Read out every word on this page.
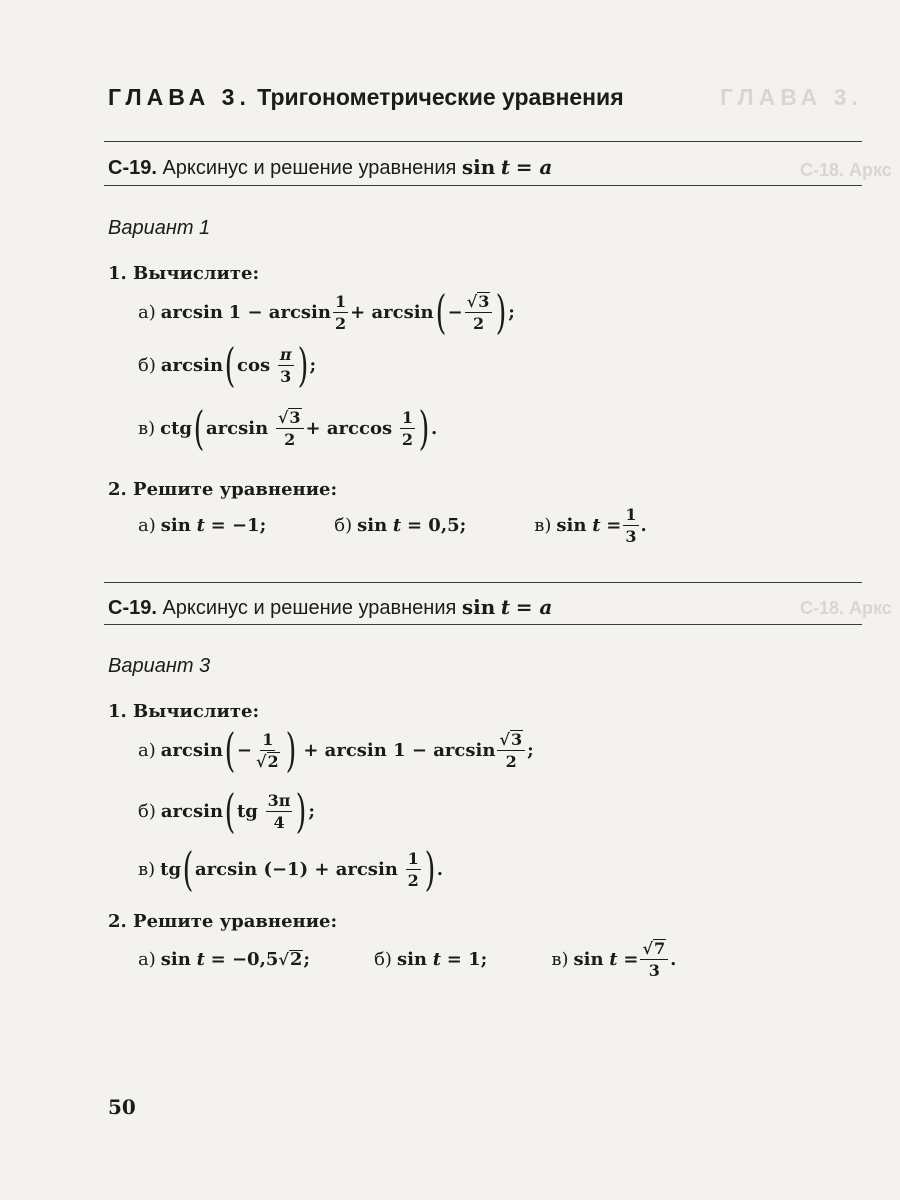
ГЛАВА 3.
С-18. Аркс
С-18. Аркс
ГЛАВА 3. Тригонометрические уравнения
С-19. Арксинус и решение уравнения sin t = a
Вариант 1
1. Вычислите:
а) arcsin
$1 - \arcsin \frac{1}{2} + \arcsin$ ( − $\frac{√ 3}{2}$ ) ;
б) arcsin ( cos
$\frac{\pi}{3}$ ) ;
в) ctg ( arcsin
$\frac{√ 3}{2} + \arccos$
$\frac{1}{2}$ ) .
2. Решите уравнение:
а) sin
t
= −1;	б) sin
t
= 0,5;	в) sin
t
= $\frac{1}{3}$ .
С-19. Арксинус и решение уравнения sin t = a
Вариант 3
1. Вычислите:
а) arcsin ( − $\frac{1}{√ 2}$ )
+ $\arcsin 1 - \arcsin \frac{√ 3}{2}$ ;
б) arcsin ( tg
$\frac{3\pi}{4}$ ) ;
в) tg ( arcsin (−1) + arcsin
$\frac{1}{2}$ ) .
2. Решите уравнение:
а) sin
t
= −0,5 √ 2 ;	б) sin
t
= 1;	в) sin
t
= $\frac{√ 7}{3}$ .
50
